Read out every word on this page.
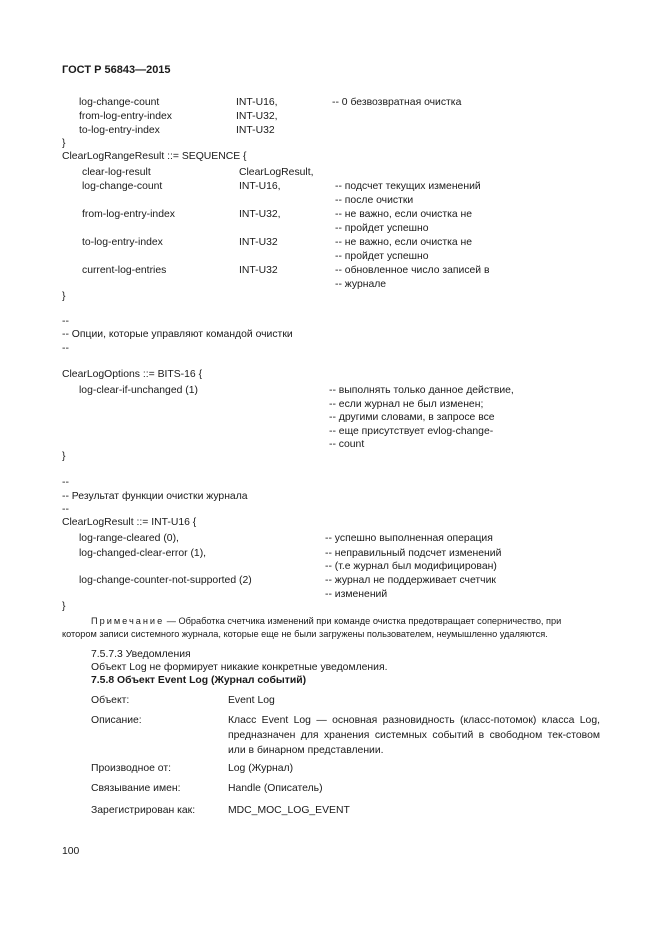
ГОСТ Р 56843—2015
log-change-count	INT-U16,	-- 0 безвозвратная очистка
from-log-entry-index	INT-U32,
to-log-entry-index	INT-U32
}
ClearLogRangeResult ::= SEQUENCE {
clear-log-result	ClearLogResult,
log-change-count	INT-U16,	-- подсчет текущих изменений
-- после очистки
from-log-entry-index	INT-U32,	-- не важно, если очистка не
-- пройдет успешно
to-log-entry-index	INT-U32	-- не важно, если очистка не
-- пройдет успешно
current-log-entries	INT-U32	-- обновленное число записей в
-- журнале
}
--
-- Опции, которые управляют командой очистки
--
ClearLogOptions ::= BITS-16 {
log-clear-if-unchanged (1)	-- выполнять только данное действие,
-- если журнал не был изменен;
-- другими словами, в запросе все
-- еще присутствует evlog-change-
-- count
}
--
-- Результат функции очистки журнала
--
ClearLogResult ::= INT-U16 {
log-range-cleared (0),	-- успешно выполненная операция
log-changed-clear-error (1),	-- неправильный подсчет изменений
-- (т.е журнал был модифицирован)
log-change-counter-not-supported (2)	-- журнал не поддерживает счетчик
-- изменений
}
Примечание — Обработка счетчика изменений при команде очистка предотвращает соперничество, при
котором записи системного журнала, которые еще не были загружены пользователем, неумышленно удаляются.
7.5.7.3 Уведомления
Объект Log не формирует никакие конкретные уведомления.
7.5.8 Объект Event Log (Журнал событий)
Объект:	Event Log
Описание:	Класс Event Log — основная разновидность (класс-потомок) класса Log, предназначен для хранения системных событий в свободном тек-стовом или в бинарном представлении.
Производное от:	Log (Журнал)
Связывание имен:	Handle (Описатель)
Зарегистрирован как:	MDC_MOC_LOG_EVENT
100
